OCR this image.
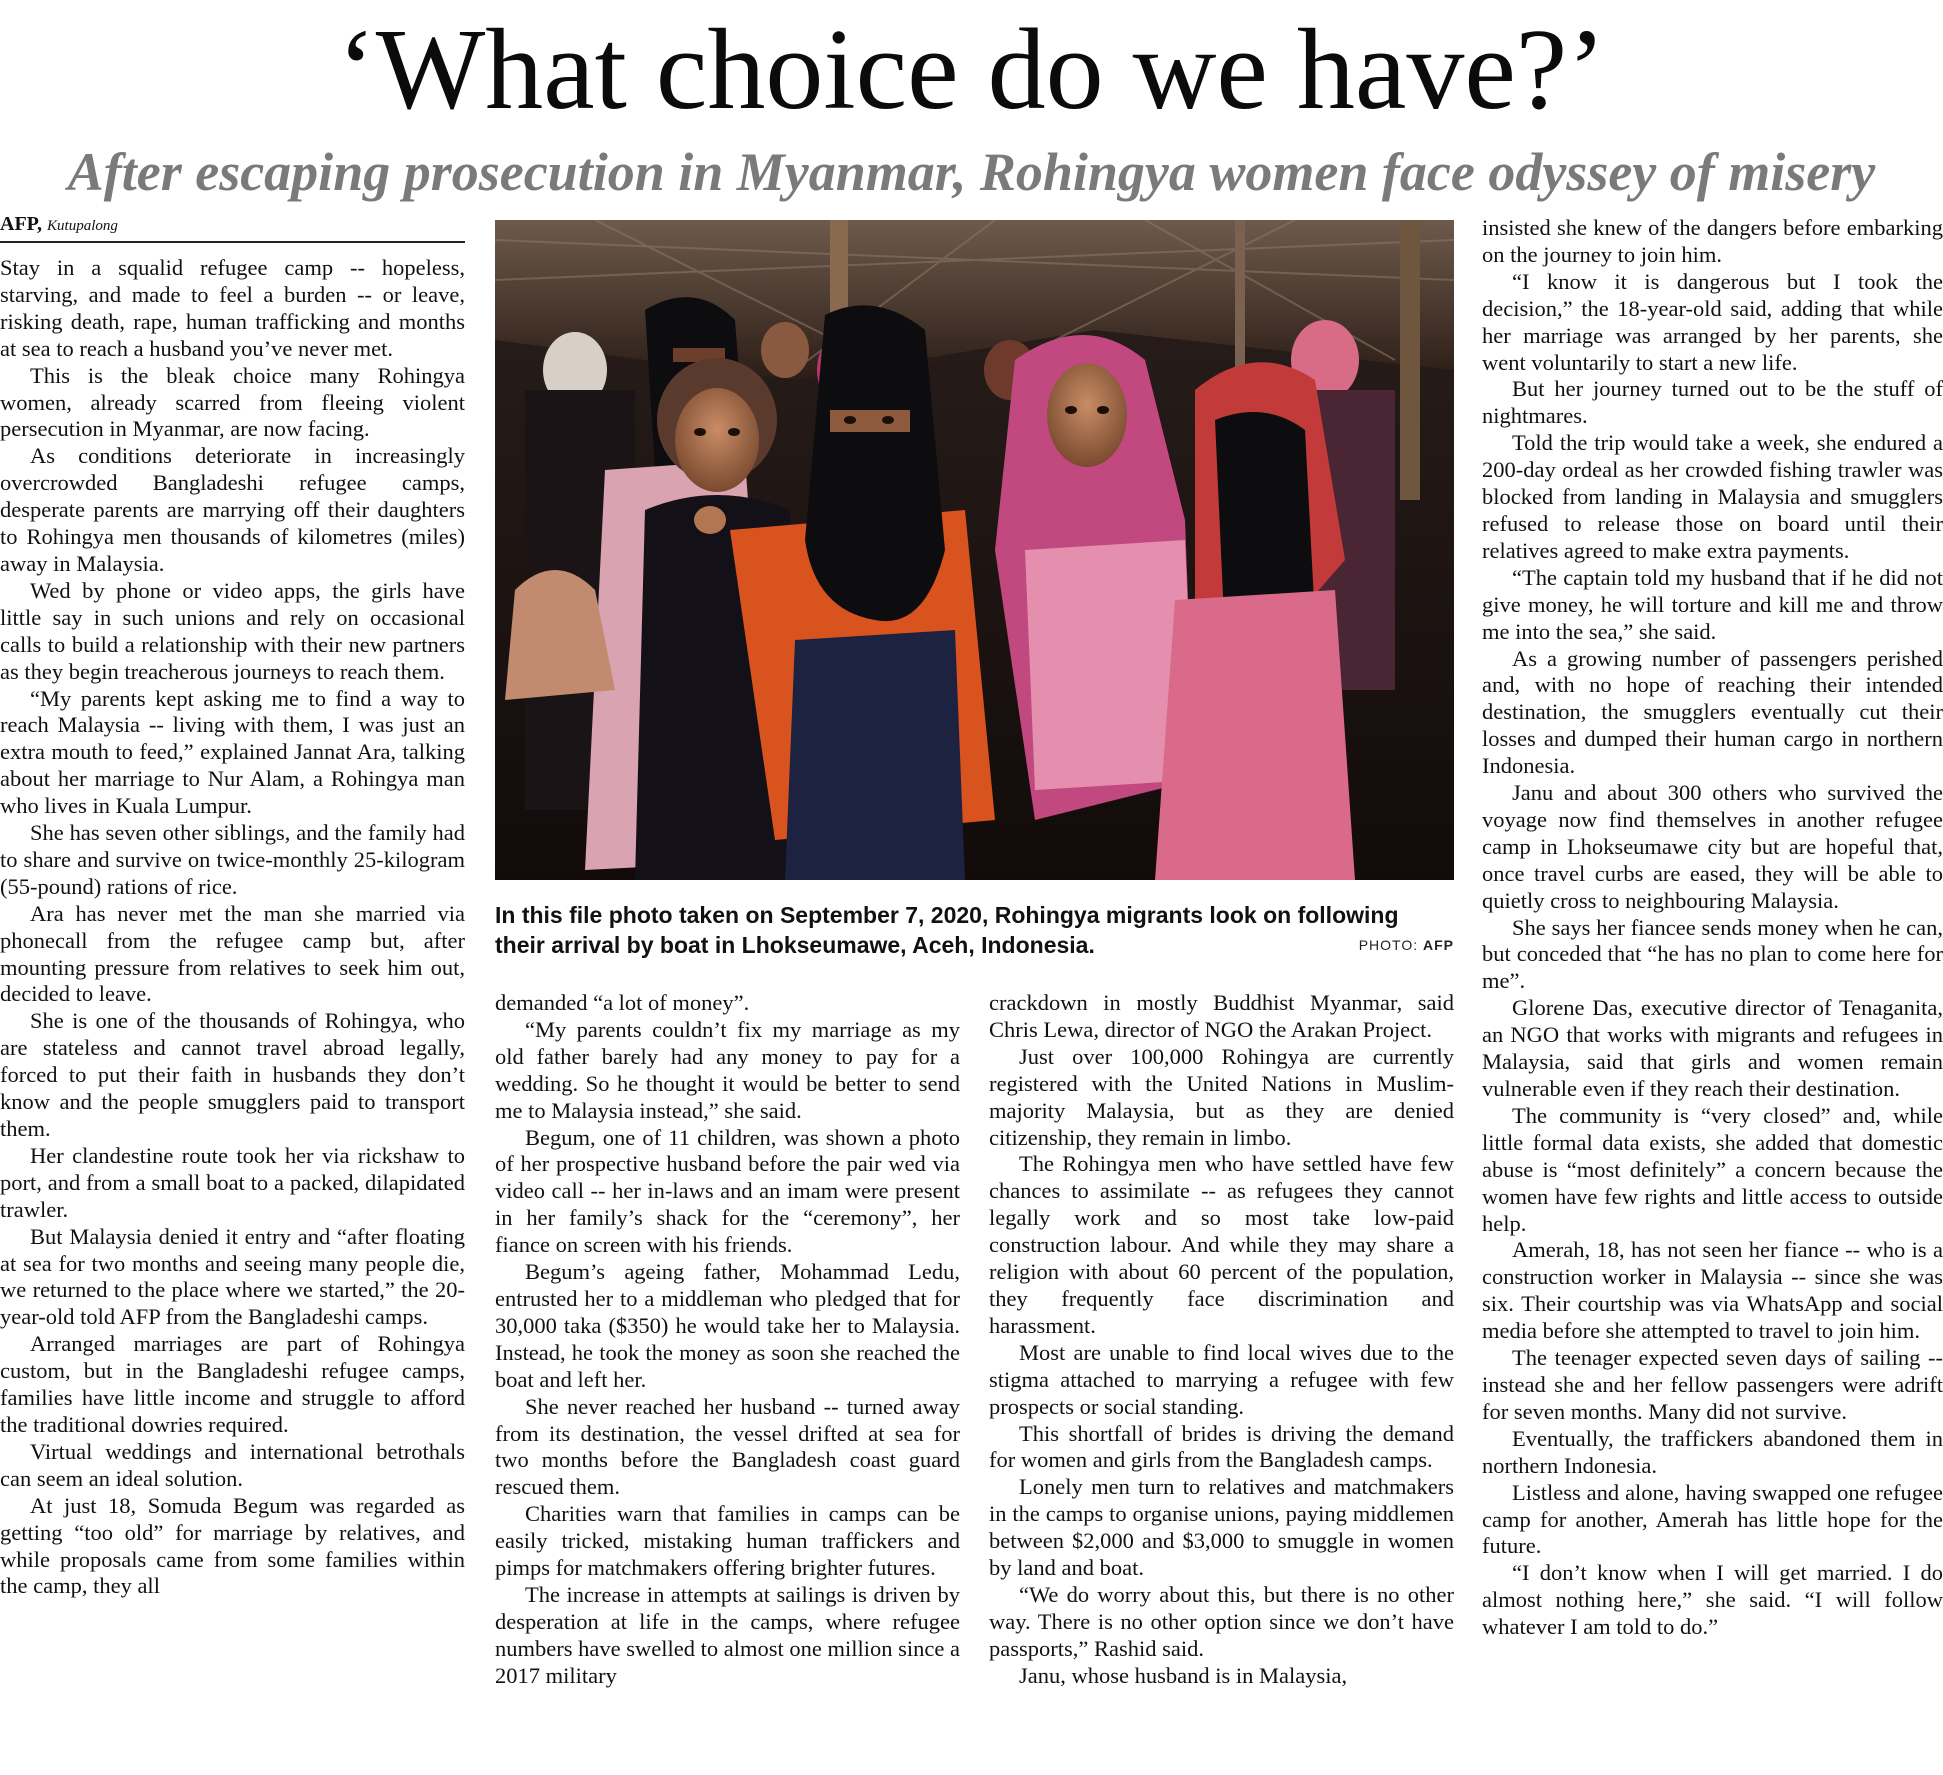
‘What choice do we have?’
After escaping prosecution in Myanmar, Rohingya women face odyssey of misery
AFP, Kutupalong

Stay in a squalid refugee camp -- hopeless, starving, and made to feel a burden -- or leave, risking death, rape, human trafficking and months at sea to reach a husband you’ve never met.

This is the bleak choice many Rohingya women, already scarred from fleeing violent persecution in Myanmar, are now facing.

As conditions deteriorate in increasingly overcrowded Bangladeshi refugee camps, desperate parents are marrying off their daughters to Rohingya men thousands of kilometres (miles) away in Malaysia.

Wed by phone or video apps, the girls have little say in such unions and rely on occasional calls to build a relationship with their new partners as they begin treacherous journeys to reach them.

“My parents kept asking me to find a way to reach Malaysia -- living with them, I was just an extra mouth to feed,” explained Jannat Ara, talking about her marriage to Nur Alam, a Rohingya man who lives in Kuala Lumpur.

She has seven other siblings, and the family had to share and survive on twice-monthly 25-kilogram (55-pound) rations of rice.

Ara has never met the man she married via phonecall from the refugee camp but, after mounting pressure from relatives to seek him out, decided to leave.

She is one of the thousands of Rohingya, who are stateless and cannot travel abroad legally, forced to put their faith in husbands they don’t know and the people smugglers paid to transport them.

Her clandestine route took her via rickshaw to port, and from a small boat to a packed, dilapidated trawler.

But Malaysia denied it entry and “after floating at sea for two months and seeing many people die, we returned to the place where we started,” the 20-year-old told AFP from the Bangladeshi camps.

Arranged marriages are part of Rohingya custom, but in the Bangladeshi refugee camps, families have little income and struggle to afford the traditional dowries required.

Virtual weddings and international betrothals can seem an ideal solution.

At just 18, Somuda Begum was regarded as getting “too old” for marriage by relatives, and while proposals came from some families within the camp, they all

In this file photo taken on September 7, 2020, Rohingya migrants look on following their arrival by boat in Lhokseumawe, Aceh, Indonesia.	PHOTO: AFP

demanded “a lot of money”.

“My parents couldn’t fix my marriage as my old father barely had any money to pay for a wedding. So he thought it would be better to send me to Malaysia instead,” she said.

Begum, one of 11 children, was shown a photo of her prospective husband before the pair wed via video call -- her in-laws and an imam were present in her family’s shack for the “ceremony”, her fiance on screen with his friends.

Begum’s ageing father, Mohammad Ledu, entrusted her to a middleman who pledged that for 30,000 taka ($350) he would take her to Malaysia. Instead, he took the money as soon she reached the boat and left her.

She never reached her husband -- turned away from its destination, the vessel drifted at sea for two months before the Bangladesh coast guard rescued them.

Charities warn that families in camps can be easily tricked, mistaking human traffickers and pimps for matchmakers offering brighter futures.

The increase in attempts at sailings is driven by desperation at life in the camps, where refugee numbers have swelled to almost one million since a 2017 military

crackdown in mostly Buddhist Myanmar, said Chris Lewa, director of NGO the Arakan Project.

Just over 100,000 Rohingya are currently registered with the United Nations in Muslim-majority Malaysia, but as they are denied citizenship, they remain in limbo.

The Rohingya men who have settled have few chances to assimilate -- as refugees they cannot legally work and so most take low-paid construction labour. And while they may share a religion with about 60 percent of the population, they frequently face discrimination and harassment.

Most are unable to find local wives due to the stigma attached to marrying a refugee with few prospects or social standing.

This shortfall of brides is driving the demand for women and girls from the Bangladesh camps.

Lonely men turn to relatives and matchmakers in the camps to organise unions, paying middlemen between $2,000 and $3,000 to smuggle in women by land and boat.

“We do worry about this, but there is no other way. There is no other option since we don’t have passports,” Rashid said.

Janu, whose husband is in Malaysia,

insisted she knew of the dangers before embarking on the journey to join him.

“I know it is dangerous but I took the decision,” the 18-year-old said, adding that while her marriage was arranged by her parents, she went voluntarily to start a new life.

But her journey turned out to be the stuff of nightmares.

Told the trip would take a week, she endured a 200-day ordeal as her crowded fishing trawler was blocked from landing in Malaysia and smugglers refused to release those on board until their relatives agreed to make extra payments.

“The captain told my husband that if he did not give money, he will torture and kill me and throw me into the sea,” she said.

As a growing number of passengers perished and, with no hope of reaching their intended destination, the smugglers eventually cut their losses and dumped their human cargo in northern Indonesia.

Janu and about 300 others who survived the voyage now find themselves in another refugee camp in Lhokseumawe city but are hopeful that, once travel curbs are eased, they will be able to quietly cross to neighbouring Malaysia.

She says her fiancee sends money when he can, but conceded that “he has no plan to come here for me”.

Glorene Das, executive director of Tenaganita, an NGO that works with migrants and refugees in Malaysia, said that girls and women remain vulnerable even if they reach their destination.

The community is “very closed” and, while little formal data exists, she added that domestic abuse is “most definitely” a concern because the women have few rights and little access to outside help.

Amerah, 18, has not seen her fiance -- who is a construction worker in Malaysia -- since she was six. Their courtship was via WhatsApp and social media before she attempted to travel to join him.

The teenager expected seven days of sailing -- instead she and her fellow passengers were adrift for seven months. Many did not survive.

Eventually, the traffickers abandoned them in northern Indonesia.

Listless and alone, having swapped one refugee camp for another, Amerah has little hope for the future.

“I don’t know when I will get married. I do almost nothing here,” she said. “I will follow whatever I am told to do.”
